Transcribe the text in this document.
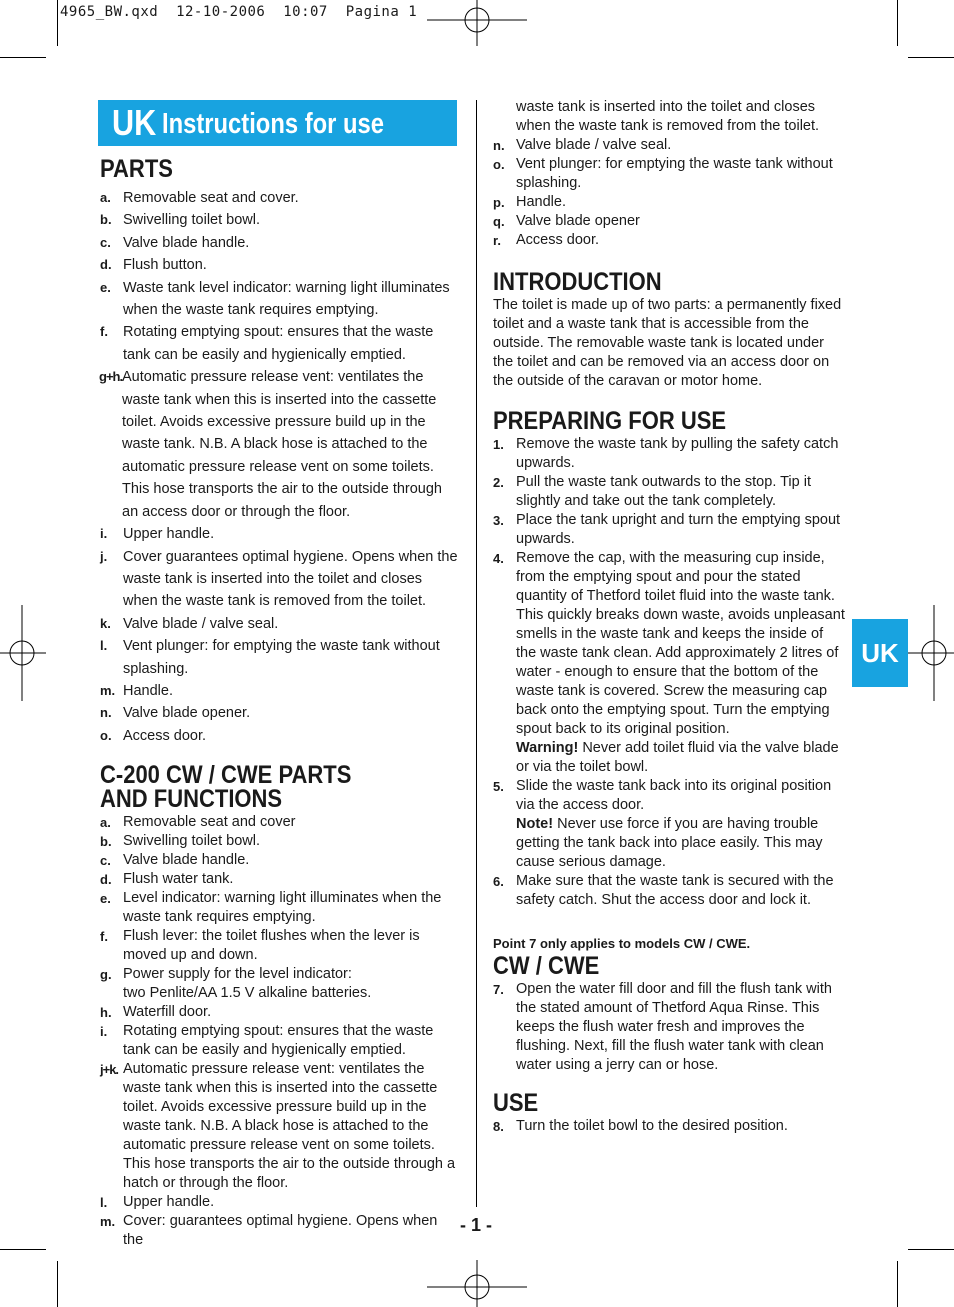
4965_BW.qxd  12-10-2006  10:07  Pagina 1
UK Instructions for use
UK
PARTS
a. Removable seat and cover.
b. Swivelling toilet bowl.
c. Valve blade handle.
d. Flush button.
e. Waste tank level indicator: warning light illuminates when the waste tank requires emptying.
f. Rotating emptying spout: ensures that the waste tank can be easily and hygienically emptied.
g+h. Automatic pressure release vent: ventilates the waste tank when this is inserted into the cassette toilet. Avoids excessive pressure build up in the waste tank. N.B. A black hose is attached to the automatic pressure release vent on some toilets. This hose transports the air to the outside through an access door or through the floor.
i. Upper handle.
j. Cover guarantees optimal hygiene. Opens when the waste tank is inserted into the toilet and closes when the waste tank is removed from the toilet.
k. Valve blade / valve seal.
l. Vent plunger: for emptying the waste tank without splashing.
m. Handle.
n. Valve blade opener.
o. Access door.
C-200 CW / CWE PARTS
AND FUNCTIONS
a. Removable seat and cover
b. Swivelling toilet bowl.
c. Valve blade handle.
d. Flush water tank.
e. Level indicator: warning light illuminates when the waste tank requires emptying.
f. Flush lever: the toilet flushes when the lever is moved up and down.
g. Power supply for the level indicator:
two Penlite/AA 1.5 V alkaline batteries.
h. Waterfill door.
i. Rotating emptying spout: ensures that the waste tank can be easily and hygienically emptied.
j+k. Automatic pressure release vent: ventilates the waste tank when this is inserted into the cassette toilet. Avoids excessive pressure build up in the waste tank. N.B. A black hose is attached to the automatic pressure release vent on some toilets. This hose transports the air to the outside through a hatch or through the floor.
l. Upper handle.
m. Cover: guarantees optimal hygiene. Opens when the
waste tank is inserted into the toilet and closes when the waste tank is removed from the toilet.
n. Valve blade / valve seal.
o. Vent plunger: for emptying the waste tank without splashing.
p. Handle.
q. Valve blade opener
r. Access door.
INTRODUCTION
The toilet is made up of two parts: a permanently fixed toilet and a waste tank that is accessible from the outside. The removable waste tank is located under the toilet and can be removed via an access door on the outside of the caravan or motor home.
PREPARING FOR USE
1. Remove the waste tank by pulling the safety catch upwards.
2. Pull the waste tank outwards to the stop. Tip it slightly and take out the tank completely.
3. Place the tank upright and turn the emptying spout upwards.
4. Remove the cap, with the measuring cup inside, from the emptying spout and pour the stated quantity of Thetford toilet fluid into the waste tank. This quickly breaks down waste, avoids unpleasant smells in the waste tank and keeps the inside of the waste tank clean. Add approximately 2 litres of water - enough to ensure that the bottom of the waste tank is covered. Screw the measuring cap back onto the emptying spout. Turn the emptying spout back to its original position.
Warning! Never add toilet fluid via the valve blade or via the toilet bowl.
5. Slide the waste tank back into its original position via the access door.
Note! Never use force if you are having trouble getting the tank back into place easily. This may cause serious damage.
6. Make sure that the waste tank is secured with the safety catch. Shut the access door and lock it.
Point 7 only applies to models CW / CWE.
CW / CWE
7. Open the water fill door and fill the flush tank with the stated amount of Thetford Aqua Rinse. This keeps the flush water fresh and improves the flushing. Next, fill the flush water tank with clean water using a jerry can or hose.
USE
8. Turn the toilet bowl to the desired position.
- 1 -
